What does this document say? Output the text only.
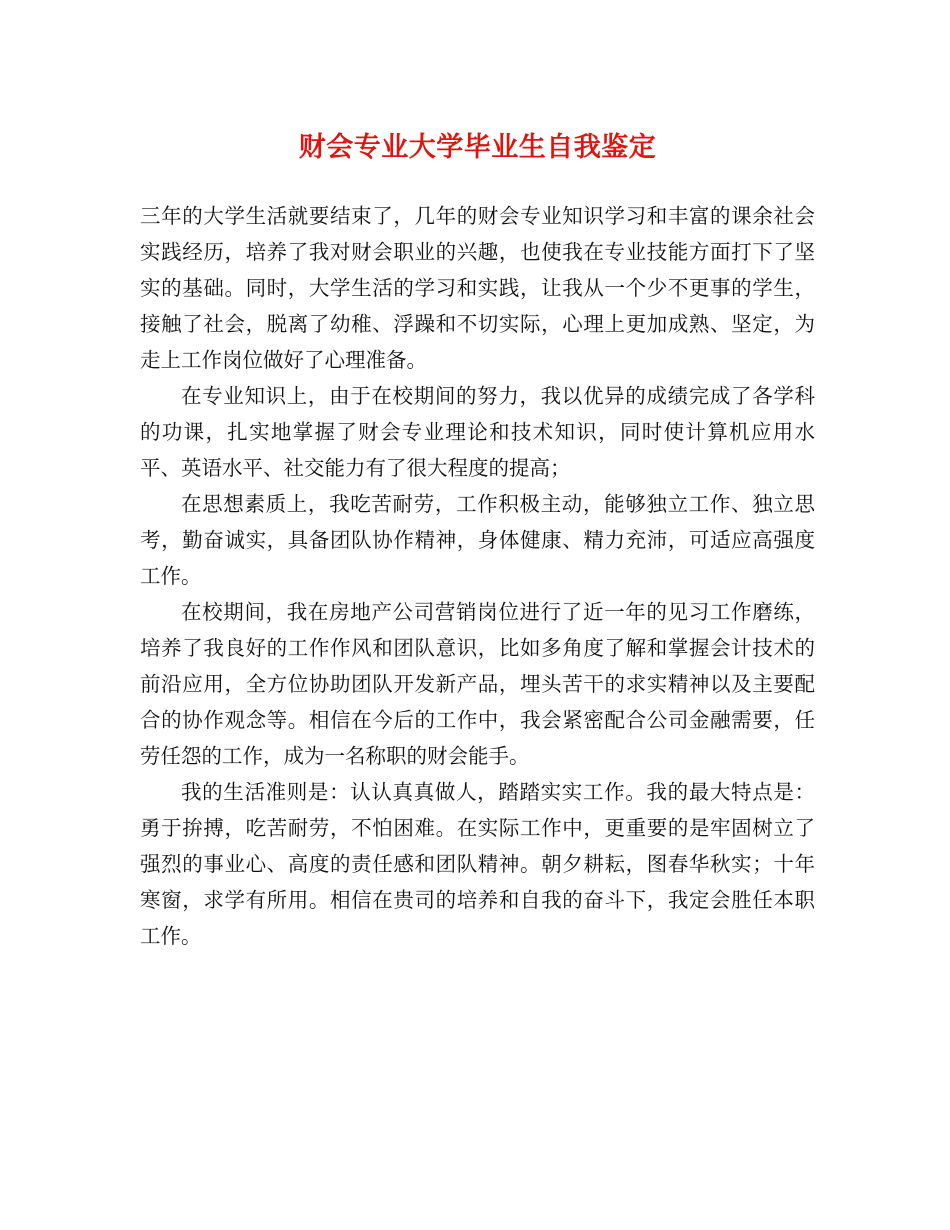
财会专业大学毕业生自我鉴定

三年的大学生活就要结束了，几年的财会专业知识学习和丰富的课余社会实践经历，培养了我对财会职业的兴趣，也使我在专业技能方面打下了坚实的基础。同时，大学生活的学习和实践，让我从一个少不更事的学生，接触了社会，脱离了幼稚、浮躁和不切实际，心理上更加成熟、坚定，为走上工作岗位做好了心理准备。

在专业知识上，由于在校期间的努力，我以优异的成绩完成了各学科的功课，扎实地掌握了财会专业理论和技术知识，同时使计算机应用水平、英语水平、社交能力有了很大程度的提高；

在思想素质上，我吃苦耐劳，工作积极主动，能够独立工作、独立思考，勤奋诚实，具备团队协作精神，身体健康、精力充沛，可适应高强度工作。

在校期间，我在房地产公司营销岗位进行了近一年的见习工作磨练，培养了我良好的工作作风和团队意识，比如多角度了解和掌握会计技术的前沿应用，全方位协助团队开发新产品，埋头苦干的求实精神以及主要配合的协作观念等。相信在今后的工作中，我会紧密配合公司金融需要，任劳任怨的工作，成为一名称职的财会能手。

我的生活准则是：认认真真做人，踏踏实实工作。我的最大特点是：勇于拚搏，吃苦耐劳，不怕困难。在实际工作中，更重要的是牢固树立了强烈的事业心、高度的责任感和团队精神。朝夕耕耘，图春华秋实；十年寒窗，求学有所用。相信在贵司的培养和自我的奋斗下，我定会胜任本职工作。
